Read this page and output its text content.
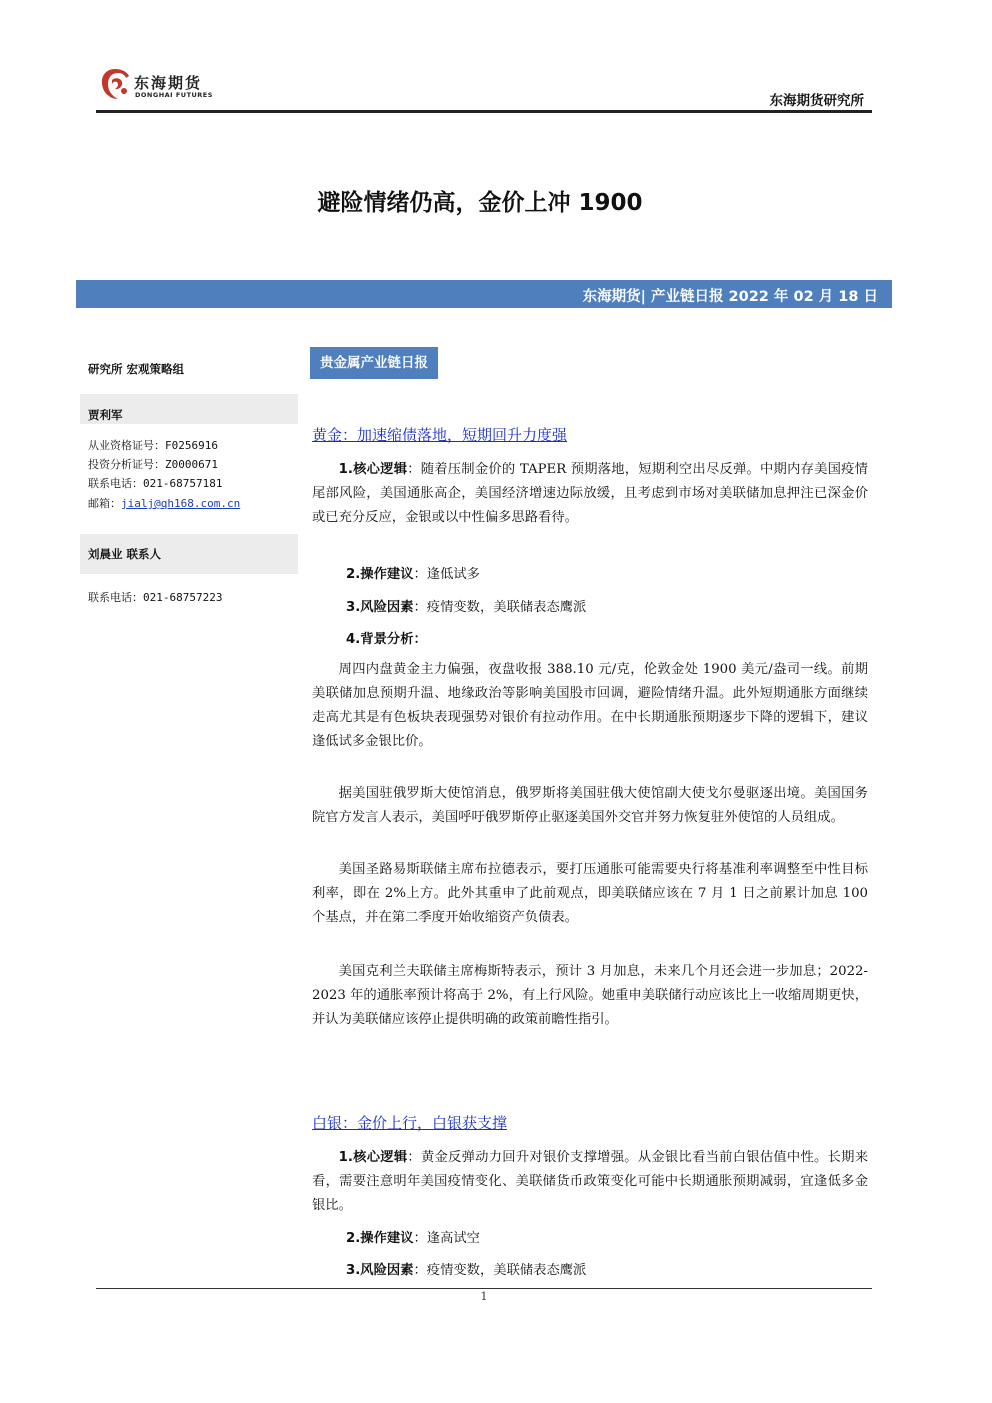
东海期货
DONGHAI FUTURES	东海期货研究所
避险情绪仍高，金价上冲 1900
东海期货| 产业链日报 2022 年 02 月 18 日
研究所 宏观策略组
贾利军
从业资格证号：F0256916
投资分析证号：Z0000671
联系电话：021-68757181
邮箱：jialj@qh168.com.cn
刘晨业 联系人
联系电话：021-68757223
贵金属产业链日报
黄金：加速缩债落地，短期回升力度强

1.核心逻辑：随着压制金价的 TAPER 预期落地，短期利空出尽反弹。中期内存美国疫情尾部风险，美国通胀高企，美国经济增速边际放缓，且考虑到市场对美联储加息押注已深金价或已充分反应，金银或以中性偏多思路看待。

2.操作建议：逢低试多
3.风险因素：疫情变数，美联储表态鹰派
4.背景分析：

周四内盘黄金主力偏强，夜盘收报 388.10 元/克，伦敦金处 1900 美元/盎司一线。前期美联储加息预期升温、地缘政治等影响美国股市回调，避险情绪升温。此外短期通胀方面继续走高尤其是有色板块表现强势对银价有拉动作用。在中长期通胀预期逐步下降的逻辑下，建议逢低试多金银比价。

据美国驻俄罗斯大使馆消息，俄罗斯将美国驻俄大使馆副大使戈尔曼驱逐出境。美国国务院官方发言人表示，美国呼吁俄罗斯停止驱逐美国外交官并努力恢复驻外使馆的人员组成。

美国圣路易斯联储主席布拉德表示，要打压通胀可能需要央行将基准利率调整至中性目标利率，即在 2%上方。此外其重申了此前观点，即美联储应该在 7 月 1 日之前累计加息 100 个基点，并在第二季度开始收缩资产负债表。

美国克利兰夫联储主席梅斯特表示，预计 3 月加息，未来几个月还会进一步加息；2022-2023 年的通胀率预计将高于 2%，有上行风险。她重申美联储行动应该比上一收缩周期更快，并认为美联储应该停止提供明确的政策前瞻性指引。

白银：金价上行，白银获支撑

1.核心逻辑：黄金反弹动力回升对银价支撑增强。从金银比看当前白银估值中性。长期来看，需要注意明年美国疫情变化、美联储货币政策变化可能中长期通胀预期减弱，宜逢低多金银比。

2.操作建议：逢高试空
3.风险因素：疫情变数，美联储表态鹰派
1
